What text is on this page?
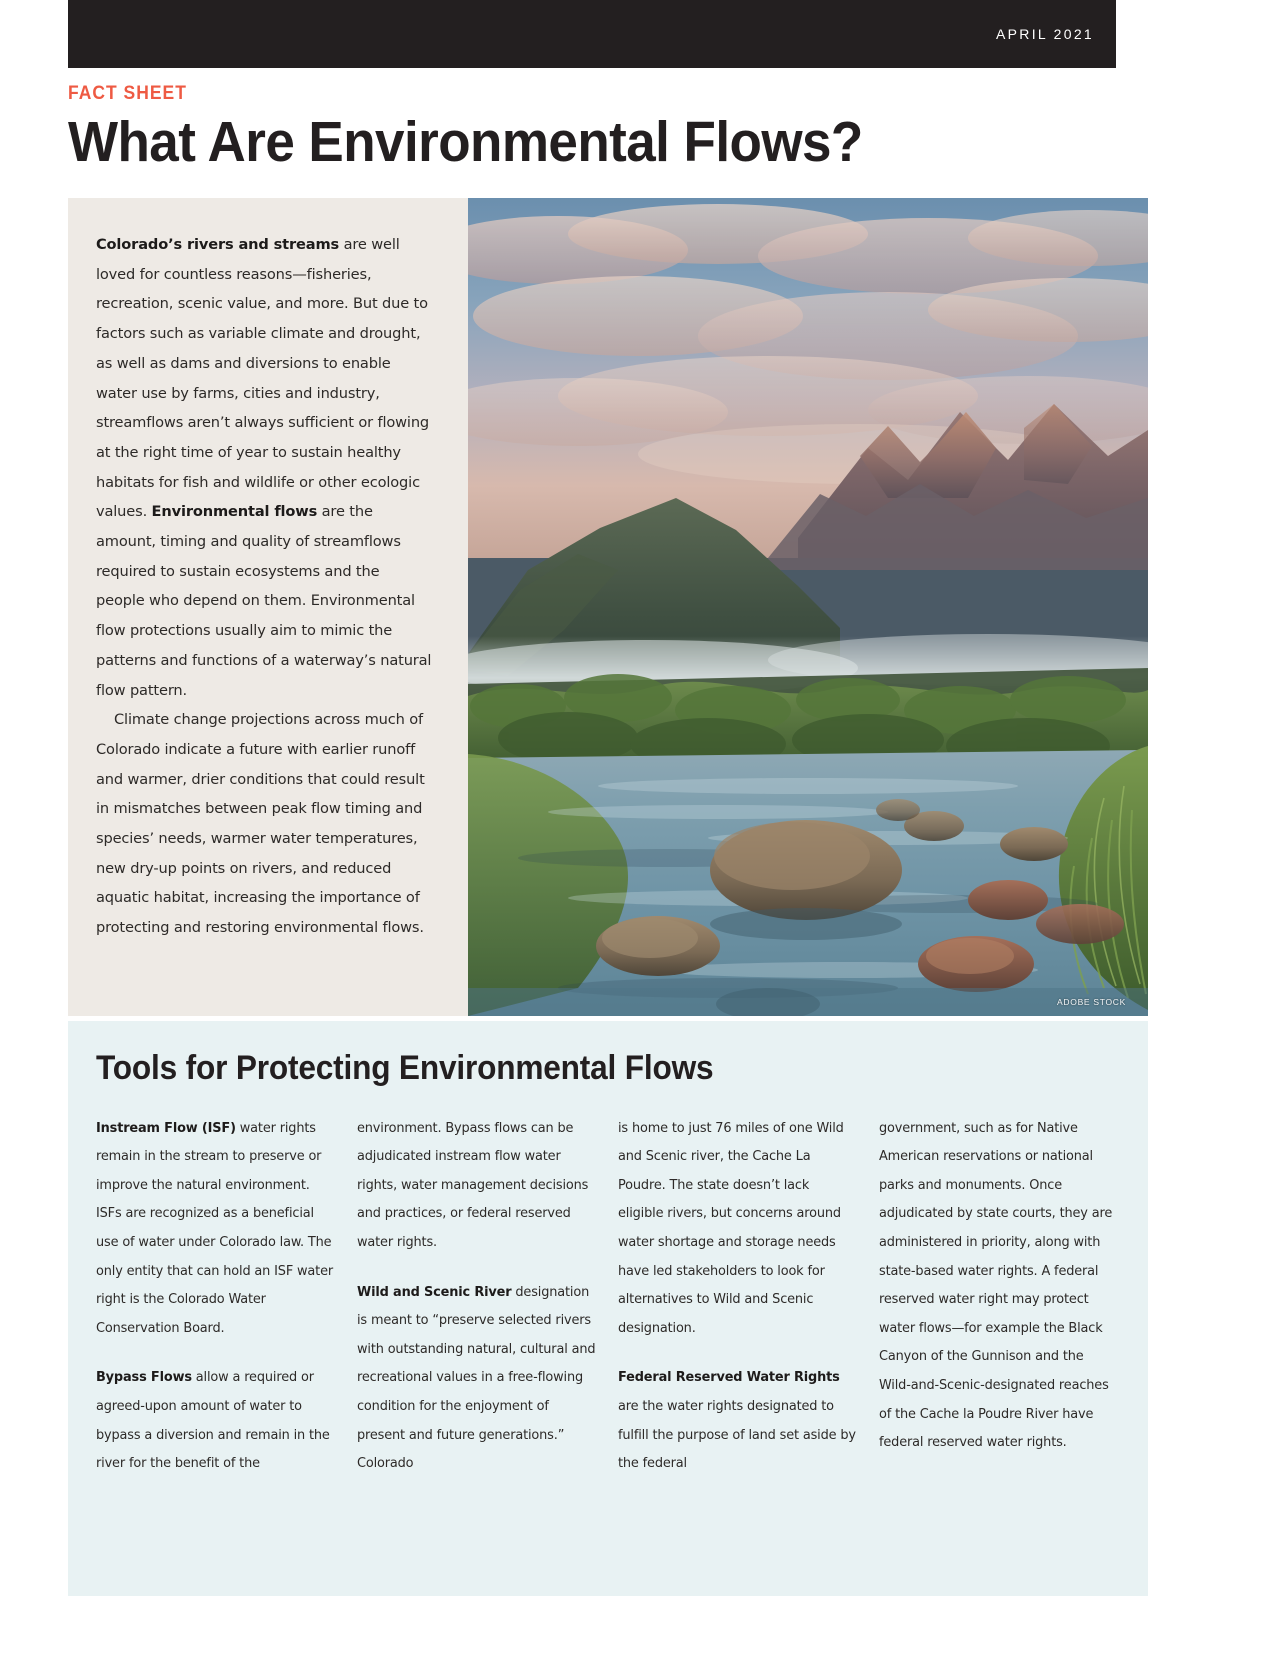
APRIL 2021
FACT SHEET
What Are Environmental Flows?

Colorado’s rivers and streams are well loved for countless reasons—fisheries, recreation, scenic value, and more. But due to factors such as variable climate and drought, as well as dams and diversions to enable water use by farms, cities and industry, streamflows aren’t always sufficient or flowing at the right time of year to sustain healthy habitats for fish and wildlife or other ecologic values. Environmental flows are the amount, timing and quality of streamflows required to sustain ecosystems and the people who depend on them. Environmental flow protections usually aim to mimic the patterns and functions of a waterway’s natural flow pattern.

Climate change projections across much of Colorado indicate a future with earlier runoff and warmer, drier conditions that could result in mismatches between peak flow timing and species’ needs, warmer water temperatures, new dry-up points on rivers, and reduced aquatic habitat, increasing the importance of protecting and restoring environmental flows.

ADOBE STOCK
Tools for Protecting Environmental Flows

Instream Flow (ISF) water rights remain in the stream to preserve or improve the natural environment. ISFs are recognized as a beneficial use of water under Colorado law. The only entity that can hold an ISF water right is the Colorado Water Conservation Board.

Bypass Flows allow a required or agreed-upon amount of water to bypass a diversion and remain in the river for the benefit of the

environment. Bypass flows can be adjudicated instream flow water rights, water management decisions and practices, or federal reserved water rights.

Wild and Scenic River designation is meant to “preserve selected rivers with outstanding natural, cultural and recreational values in a free-flowing condition for the enjoyment of present and future generations.” Colorado

is home to just 76 miles of one Wild and Scenic river, the Cache La Poudre. The state doesn’t lack eligible rivers, but concerns around water shortage and storage needs have led stakeholders to look for alternatives to Wild and Scenic designation.

Federal Reserved Water Rights are the water rights designated to fulfill the purpose of land set aside by the federal

government, such as for Native American reservations or national parks and monuments. Once adjudicated by state courts, they are administered in priority, along with state-based water rights. A federal reserved water right may protect water flows—for example the Black Canyon of the Gunnison and the Wild-and-Scenic-designated reaches of the Cache la Poudre River have federal reserved water rights.
